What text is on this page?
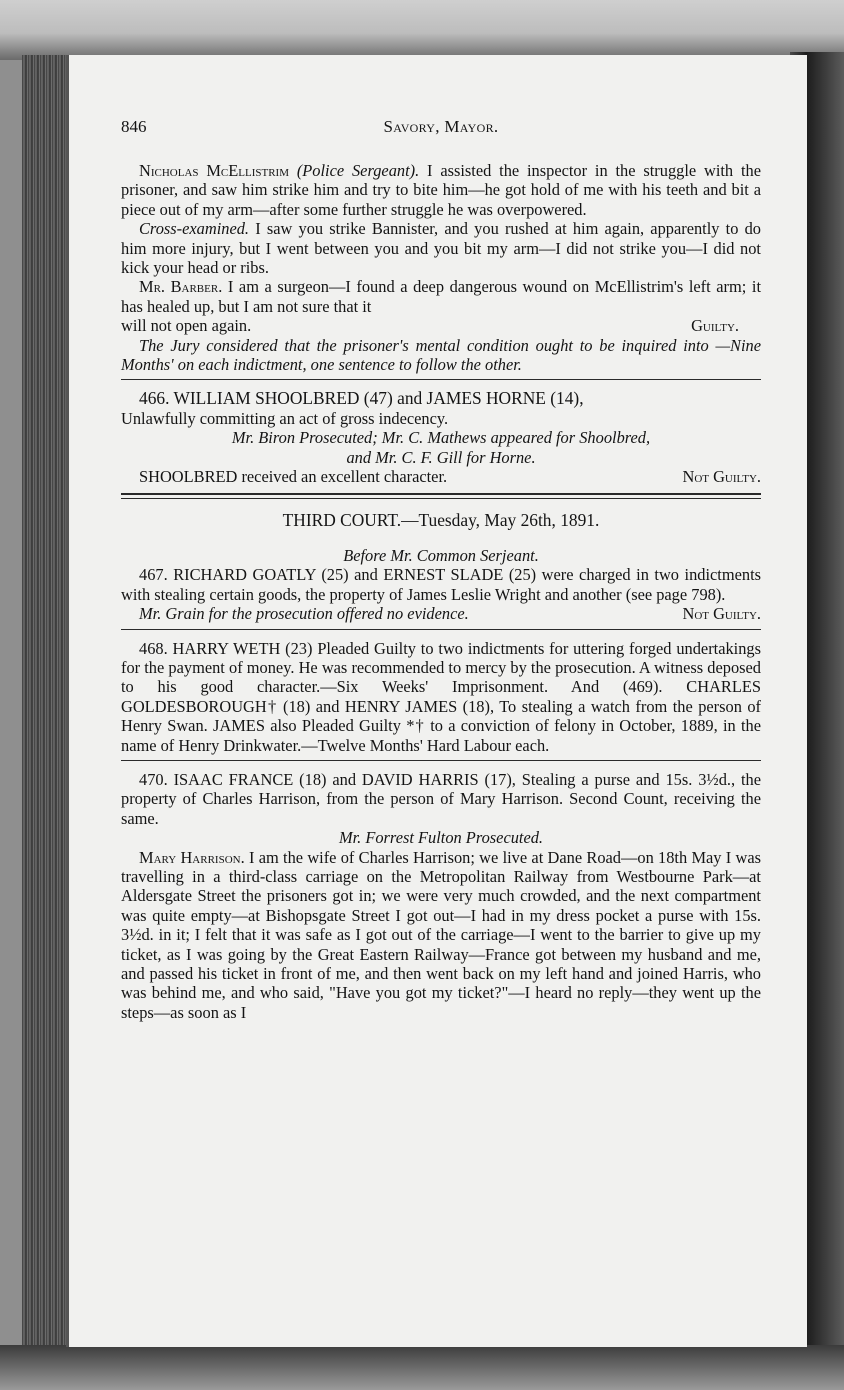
846	Savory, Mayor.

Nicholas McEllistrim (Police Sergeant). I assisted the inspector in the struggle with the prisoner, and saw him strike him and try to bite him—he got hold of me with his teeth and bit a piece out of my arm—after some further struggle he was overpowered.

Cross-examined. I saw you strike Bannister, and you rushed at him again, apparently to do him more injury, but I went between you and you bit my arm—I did not strike you—I did not kick your head or ribs.

Mr. Barber. I am a surgeon—I found a deep dangerous wound on McEllistrim's left arm; it has healed up, but I am not sure that it

will not open again.	Guilty.

The Jury considered that the prisoner's mental condition ought to be inquired into —Nine Months' on each indictment, one sentence to follow the other.

466. WILLIAM SHOOLBRED (47) and JAMES HORNE (14),

Unlawfully committing an act of gross indecency.

Mr. Biron Prosecuted; Mr. C. Mathews appeared for Shoolbred,

and Mr. C. F. Gill for Horne.

SHOOLBRED received an excellent character.	Not Guilty.

THIRD COURT.—Tuesday, May 26th, 1891.

Before Mr. Common Serjeant.

467. RICHARD GOATLY (25) and ERNEST SLADE (25) were charged in two indictments with stealing certain goods, the property of James Leslie Wright and another (see page 798).

Mr. Grain for the prosecution offered no evidence.	Not Guilty.

468. HARRY WETH (23) Pleaded Guilty to two indictments for uttering forged undertakings for the payment of money. He was recommended to mercy by the prosecution. A witness deposed to his good character.—Six Weeks' Imprisonment. And (469). CHARLES GOLDESBOROUGH† (18) and HENRY JAMES (18), To stealing a watch from the person of Henry Swan. JAMES also Pleaded Guilty *† to a conviction of felony in October, 1889, in the name of Henry Drinkwater.—Twelve Months' Hard Labour each.

470. ISAAC FRANCE (18) and DAVID HARRIS (17), Stealing a purse and 15s. 3½d., the property of Charles Harrison, from the person of Mary Harrison. Second Count, receiving the same.

Mr. Forrest Fulton Prosecuted.

Mary Harrison. I am the wife of Charles Harrison; we live at Dane Road—on 18th May I was travelling in a third-class carriage on the Metropolitan Railway from Westbourne Park—at Aldersgate Street the prisoners got in; we were very much crowded, and the next compartment was quite empty—at Bishopsgate Street I got out—I had in my dress pocket a purse with 15s. 3½d. in it; I felt that it was safe as I got out of the carriage—I went to the barrier to give up my ticket, as I was going by the Great Eastern Railway—France got between my husband and me, and passed his ticket in front of me, and then went back on my left hand and joined Harris, who was behind me, and who said, "Have you got my ticket?"—I heard no reply—they went up the steps—as soon as I
